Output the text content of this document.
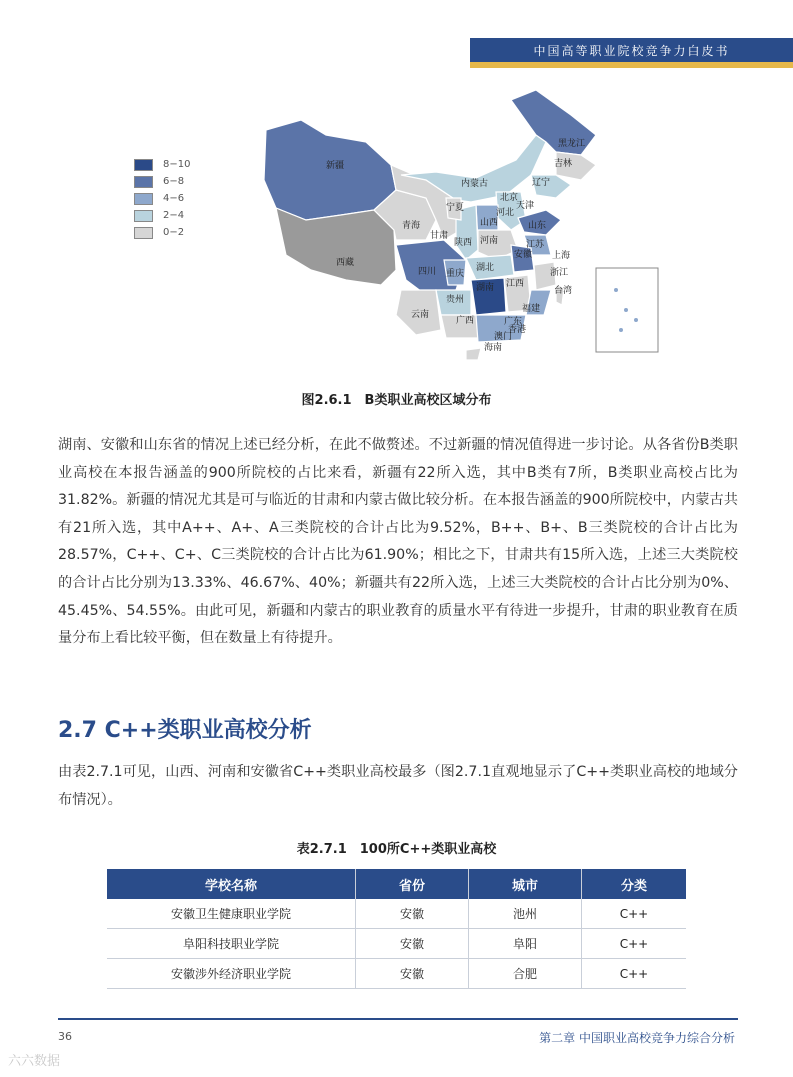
中国高等职业院校竞争力白皮书
8−10
6−8
4−6
2−4
0−2
新疆
西藏
青海
甘肃
内蒙古
宁夏
陕西
四川 重庆
云南
贵州
广西	广东
海南
湖南
湖北
河南
山西
河北
北京
天津
山东
江苏
安徽 上海
浙江
江西
福建
台湾
辽宁
吉林
黑龙江
香港
澳门
图2.6.1　B类职业高校区域分布
湖南、安徽和山东省的情况上述已经分析，在此不做赘述。不过新疆的情况值得进一步讨论。从各省份B类职业高校在本报告涵盖的900所院校的占比来看，新疆有22所入选，其中B类有7所，B类职业高校占比为31.82%。新疆的情况尤其是可与临近的甘肃和内蒙古做比较分析。在本报告涵盖的900所院校中，内蒙古共有21所入选，其中A++、A+、A三类院校的合计占比为9.52%，B++、B+、B三类院校的合计占比为28.57%，C++、C+、C三类院校的合计占比为61.90%；相比之下，甘肃共有15所入选，上述三大类院校的合计占比分别为13.33%、46.67%、40%；新疆共有22所入选，上述三大类院校的合计占比分别为0%、45.45%、54.55%。由此可见，新疆和内蒙古的职业教育的质量水平有待进一步提升，甘肃的职业教育在质量分布上看比较平衡，但在数量上有待提升。
2.7 C++类职业高校分析
由表2.7.1可见，山西、河南和安徽省C++类职业高校最多（图2.7.1直观地显示了C++类职业高校的地域分布情况）。
表2.7.1　100所C++类职业高校
学校名称	省份	城市	分类
安徽卫生健康职业学院	安徽	池州	C++
阜阳科技职业学院	安徽	阜阳	C++
安徽涉外经济职业学院	安徽	合肥	C++
36	第二章 中国职业高校竞争力综合分析
六六数据
